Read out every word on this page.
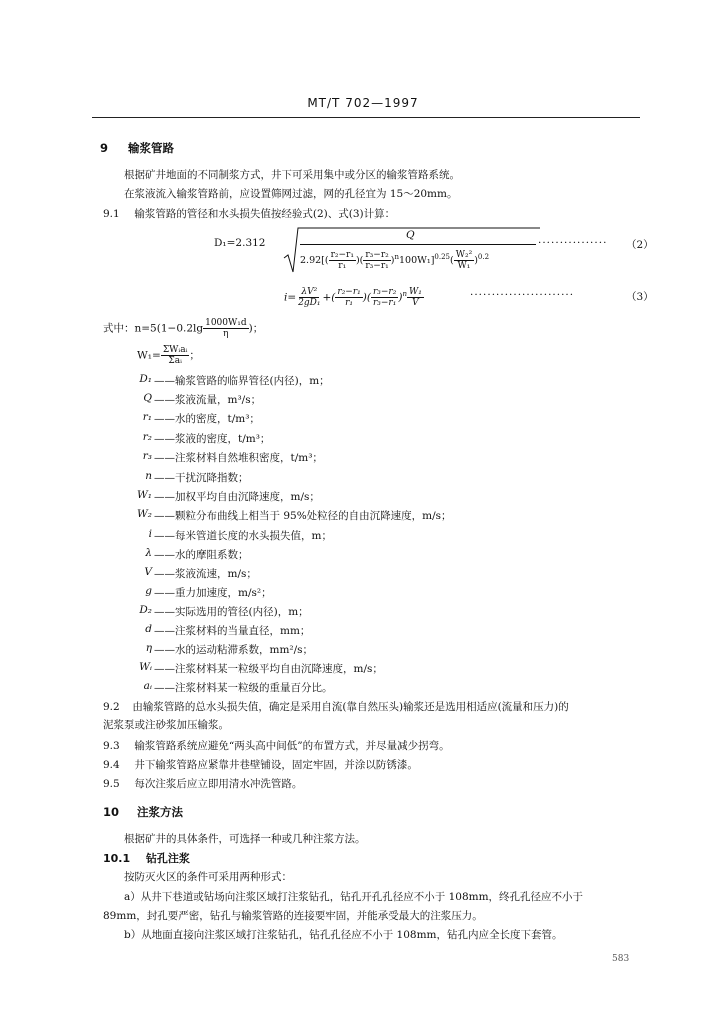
MT/T 702—1997
9 输浆管路
根据矿井地面的不同制浆方式，井下可采用集中或分区的输浆管路系统。
在浆液流入输浆管路前，应设置筛网过滤，网的孔径宜为 15～20mm。
9.1 输浆管路的管径和水头损失值按经验式(2)、式(3)计算：
D₁=2.312
Q
$2.92[( \frac{\text{r₂−r₁}}{\text{r₁}}$ )( $\frac{\text{r₃−r₂}}{\text{r₃−r₁}} )^n100W_1]^{0.25}( \frac{\text{W₂²}}{\text{W₁}} )^{0.2}$
················ （2）
$i= \frac{\text{λV²}}{\text{2gD₁}}$ +( $\frac{\text{r₂−r₁}}{\text{r₁}}$ )( $\frac{\text{r₃−r₂}}{\text{r₃−r₁}} )^n \frac{\text{W₁}}{V}$	························	（3）
式中：$n=5(1-0.2\lg \frac{\text{1000W₁d}}{\eta}$ )；
$W_1= \frac{\text{ΣWᵢaᵢ}}{\text{Σaᵢ}}$ ；
D₁ ——输浆管路的临界管径(内径)，m；
Q ——浆液流量，m³/s；
r₁ ——水的密度，t/m³；
r₂ ——浆液的密度，t/m³；
r₃ ——注浆材料自然堆积密度，t/m³；
n ——干扰沉降指数；
W₁ ——加权平均自由沉降速度，m/s；
W₂ ——颗粒分布曲线上相当于 95%处粒径的自由沉降速度，m/s；
i ——每米管道长度的水头损失值，m；
λ ——水的摩阻系数；
V ——浆液流速，m/s；
g ——重力加速度，m/s²；
D₂ ——实际选用的管径(内径)，m；
d ——注浆材料的当量直径，mm；
η ——水的运动粘滞系数，mm²/s；
Wᵢ ——注浆材料某一粒级平均自由沉降速度，m/s；
aᵢ ——注浆材料某一粒级的重量百分比。
9.2 由输浆管路的总水头损失值，确定是采用自流(靠自然压头)输浆还是选用相适应(流量和压力)的
泥浆泵或注砂浆加压输浆。
9.3 输浆管路系统应避免“两头高中间低”的布置方式，并尽量减少拐弯。
9.4 井下输浆管路应紧靠井巷壁铺设，固定牢固，并涂以防锈漆。
9.5 每次注浆后应立即用清水冲洗管路。
10 注浆方法
根据矿井的具体条件，可选择一种或几种注浆方法。
10.1 钻孔注浆
按防灭火区的条件可采用两种形式：
a）从井下巷道或钻场向注浆区域打注浆钻孔，钻孔开孔孔径应不小于 108mm，终孔孔径应不小于
89mm，封孔要严密，钻孔与输浆管路的连接要牢固，并能承受最大的注浆压力。
b）从地面直接向注浆区域打注浆钻孔，钻孔孔径应不小于 108mm，钻孔内应全长度下套管。
583
